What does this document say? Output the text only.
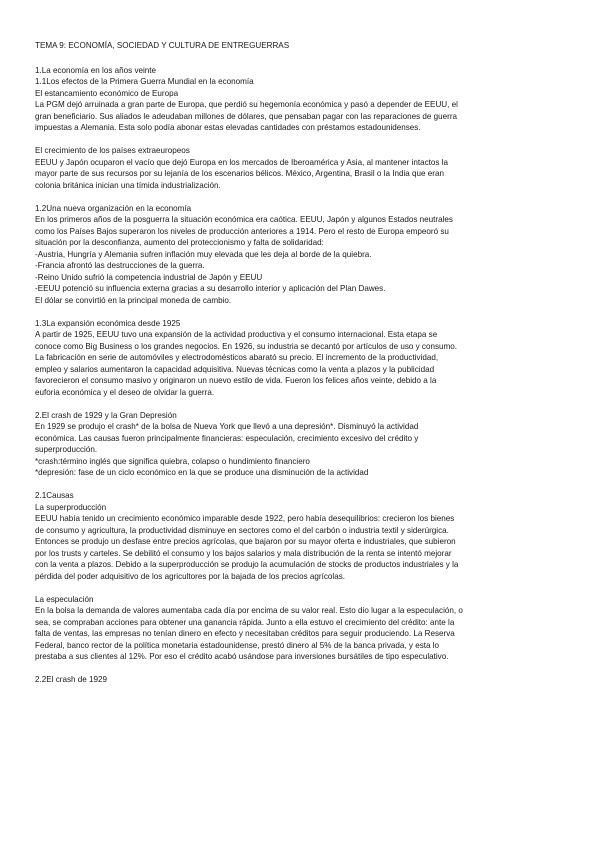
TEMA 9: ECONOMÍA, SOCIEDAD Y CULTURA DE ENTREGUERRAS
1.La economía en los años veinte
1.1Los efectos de la Primera Guerra Mundial en la economía
El estancamiento económico de Europa
La PGM dejó arruinada a gran parte de Europa, que perdió su hegemonía económica y pasó a depender de EEUU, el
gran beneficiario. Sus aliados le adeudaban millones de dólares, que pensaban pagar con las reparaciones de guerra
impuestas a Alemania. Esta solo podía abonar estas elevadas cantidades con préstamos estadounidenses.
El crecimiento de los países extraeuropeos
EEUU y Japón ocuparon el vacío que dejó Europa en los mercados de Iberoamérica y Asia, al mantener intactos la
mayor parte de sus recursos por su lejanía de los escenarios bélicos. México, Argentina, Brasil o la India que eran
colonia británica inician una tímida industrialización.
1.2Una nueva organización en la economía
En los primeros años de la posguerra la situación económica era caótica. EEUU, Japón y algunos Estados neutrales
como los Países Bajos superaron los niveles de producción anteriores a 1914. Pero el resto de Europa empeoró su
situación por la desconfianza, aumento del proteccionismo y falta de solidaridad:
-Austria, Hungría y Alemania sufren inflación muy elevada que les deja al borde de la quiebra.
-Francia afrontó las destrucciones de la guerra.
-Reino Unido sufrió la competencia industrial de Japón y EEUU
-EEUU potenció su influencia externa gracias a su desarrollo interior y aplicación del Plan Dawes.
El dólar se convirtió en la principal moneda de cambio.
1.3La expansión económica desde 1925
A partir de 1925, EEUU tuvo una expansión de la actividad productiva y el consumo internacional. Esta etapa se
conoce como Big Business o los grandes negocios. En 1926, su industria se decantó por artículos de uso y consumo.
La fabricación en serie de automóviles y electrodomésticos abarató su precio. El incremento de la productividad,
empleo y salarios aumentaron la capacidad adquisitiva. Nuevas técnicas como la venta a plazos y la publicidad
favorecieron el consumo masivo y originaron un nuevo estilo de vida. Fueron los felices años veinte, debido a la
euforia económica y el deseo de olvidar la guerra.
2.El crash de 1929 y la Gran Depresión
En 1929 se produjo el crash* de la bolsa de Nueva York que llevó a una depresión*. Disminuyó la actividad
económica. Las causas fueron principalmente financieras: especulación, crecimiento excesivo del crédito y
superproducción.
*crash:término inglés que significa quiebra, colapso o hundimiento financiero
*depresión: fase de un ciclo económico en la que se produce una disminución de la actividad
2.1Causas
La superproducción
EEUU había tenido un crecimiento económico imparable desde 1922, pero había desequilibrios: crecieron los bienes
de consumo y agricultura, la productividad disminuye en sectores como el del carbón o industria textil y siderúrgica.
Entonces se produjo un desfase entre precios agrícolas, que bajaron por su mayor oferta e industriales, que subieron
por los trusts y carteles. Se debilitó el consumo y los bajos salarios y mala distribución de la renta se intentó mejorar
con la venta a plazos. Debido a la superproducción se produjo la acumulación de stocks de productos industriales y la
pérdida del poder adquisitivo de los agricultores por la bajada de los precios agrícolas.
La especulación
En la bolsa la demanda de valores aumentaba cada día por encima de su valor real. Esto dio lugar a la especulación, o
sea, se compraban acciones para obtener una ganancia rápida. Junto a ella estuvo el crecimiento del crédito: ante la
falta de ventas, las empresas no tenían dinero en efecto y necesitaban créditos para seguir produciendo. La Reserva
Federal, banco rector de la política monetaria estadounidense, prestó dinero al 5% de la banca privada, y esta lo
prestaba a sus clientes al 12%. Por eso el crédito acabó usándose para inversiones bursátiles de tipo especulativo.
2.2El crash de 1929
